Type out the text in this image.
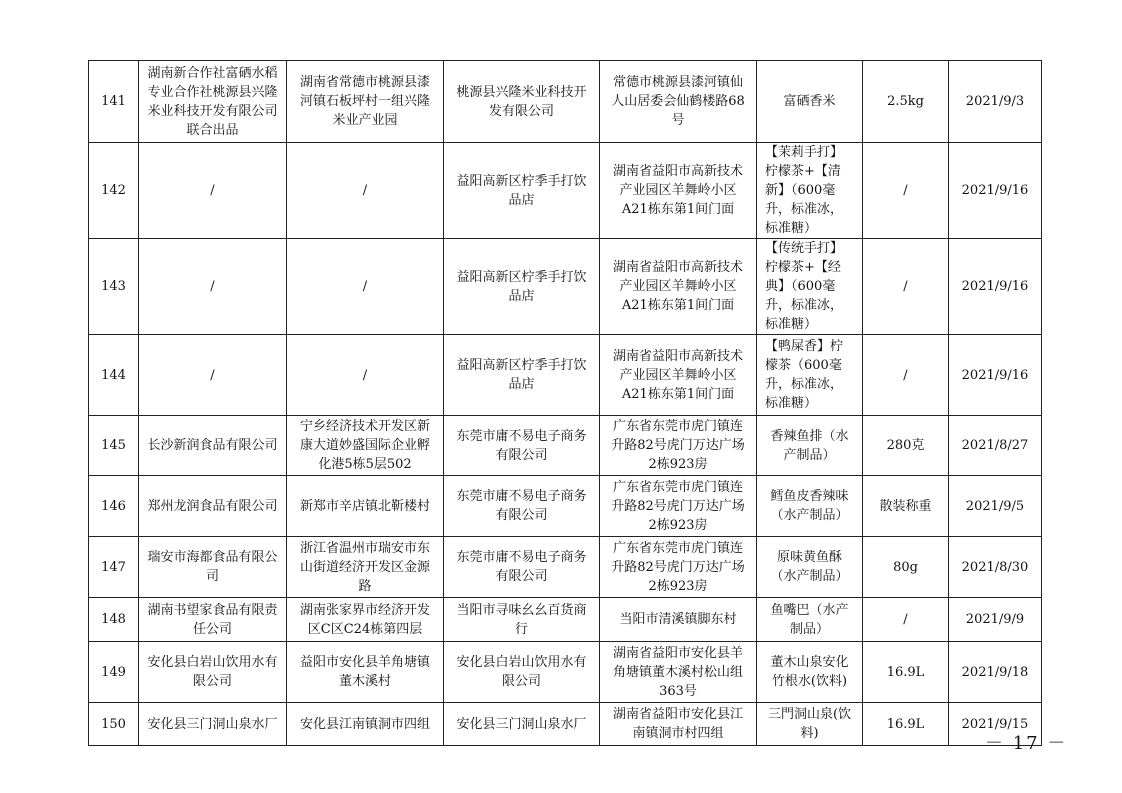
141	湖南新合作社富硒水稻专业合作社桃源县兴隆米业科技开发有限公司联合出品	湖南省常德市桃源县漆河镇石板坪村一组兴隆米业产业园	桃源县兴隆米业科技开发有限公司	常德市桃源县漆河镇仙人山居委会仙鹤楼路68号	富硒香米	2.5kg	2021/9/3
142	/	/	益阳高新区柠季手打饮品店	湖南省益阳市高新技术产业园区羊舞岭小区A21栋东第1间门面	【茉莉手打】柠檬茶+【清新】（600毫升，标准冰，标准糖）	/	2021/9/16
143	/	/	益阳高新区柠季手打饮品店	湖南省益阳市高新技术产业园区羊舞岭小区A21栋东第1间门面	【传统手打】柠檬茶+【经典】（600毫升，标准冰，标准糖）	/	2021/9/16
144	/	/	益阳高新区柠季手打饮品店	湖南省益阳市高新技术产业园区羊舞岭小区A21栋东第1间门面	【鸭屎香】柠檬茶（600毫升，标准冰，标准糖）	/	2021/9/16
145	长沙新润食品有限公司	宁乡经济技术开发区新康大道妙盛国际企业孵化港5栋5层502	东莞市庸不易电子商务有限公司	广东省东莞市虎门镇连升路82号虎门万达广场2栋923房	香辣鱼排（水产制品）	280克	2021/8/27
146	郑州龙润食品有限公司	新郑市辛店镇北靳楼村	东莞市庸不易电子商务有限公司	广东省东莞市虎门镇连升路82号虎门万达广场2栋923房	鳕鱼皮香辣味（水产制品）	散装称重	2021/9/5
147	瑞安市海都食品有限公司	浙江省温州市瑞安市东山街道经济开发区金源路	东莞市庸不易电子商务有限公司	广东省东莞市虎门镇连升路82号虎门万达广场2栋923房	原味黄鱼酥（水产制品）	80g	2021/8/30
148	湖南书望家食品有限责任公司	湖南张家界市经济开发区C区C24栋第四层	当阳市寻味幺幺百货商行	当阳市清溪镇脚东村	鱼嘴巴（水产制品）	/	2021/9/9
149	安化县白岩山饮用水有限公司	益阳市安化县羊角塘镇董木溪村	安化县白岩山饮用水有限公司	湖南省益阳市安化县羊角塘镇董木溪村松山组363号	董木山泉安化竹根水(饮料)	16.9L	2021/9/18
150	安化县三门洞山泉水厂	安化县江南镇洞市四组	安化县三门洞山泉水厂	湖南省益阳市安化县江南镇洞市村四组	三門洞山泉(饮料)	16.9L	2021/9/15
－ 17 －
